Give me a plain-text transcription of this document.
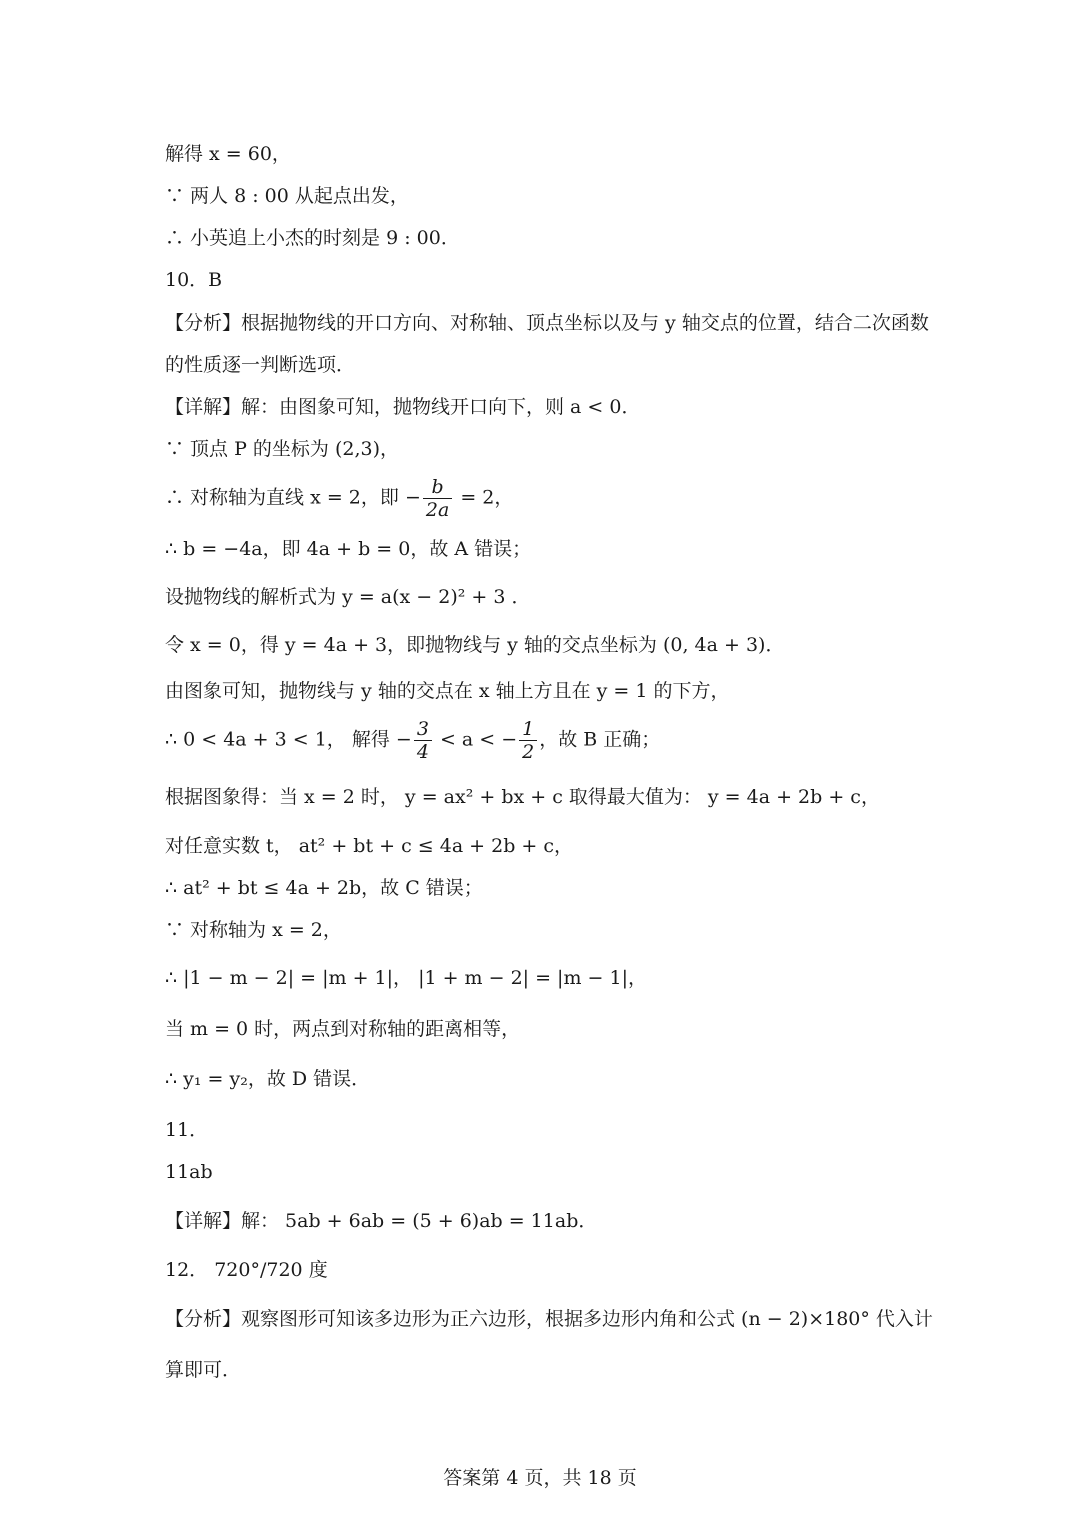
解得 x = 60，
∵ 两人 8 : 00 从起点出发，
∴ 小英追上小杰的时刻是 9 : 00．
10．B
【分析】根据抛物线的开口方向、对称轴、顶点坐标以及与 y 轴交点的位置，结合二次函数
的性质逐一判断选项．
【详解】解：由图象可知，抛物线开口向下，则 a < 0．
∵ 顶点 P 的坐标为 (2,3)，
∴ 对称轴为直线 x = 2，即 − $\frac{b}{2a} = 2$，
∴ b = −4a，即 4a + b = 0，故 A 错误；
设抛物线的解析式为 y = a(x − 2)² + 3 ．
令 x = 0，得 y = 4a + 3，即抛物线与 y 轴的交点坐标为 (0, 4a + 3)．
由图象可知，抛物线与 y 轴的交点在 x 轴上方且在 y = 1 的下方，
∴ 0 < 4a + 3 < 1， 解得 − $\frac{3}{4} < a$ < − $\frac{1}{2}$ ，故 B 正确；
根据图象得：当 x = 2 时， y = ax² + bx + c 取得最大值为： y = 4a + 2b + c，
对任意实数 t， at² + bt + c ≤ 4a + 2b + c，
∴ at² + bt ≤ 4a + 2b，故 C 错误；
∵ 对称轴为 x = 2，
∴ |1 − m − 2| = |m + 1|， |1 + m − 2| = |m − 1|，
当 m = 0 时，两点到对称轴的距离相等，
∴ y₁ = y₂，故 D 错误．
11．
11ab
【详解】解： 5ab + 6ab = (5 + 6)ab = 11ab．
12． 720°/720 度
【分析】观察图形可知该多边形为正六边形，根据多边形内角和公式 (n − 2)×180° 代入计
算即可．
答案第 4 页，共 18 页
